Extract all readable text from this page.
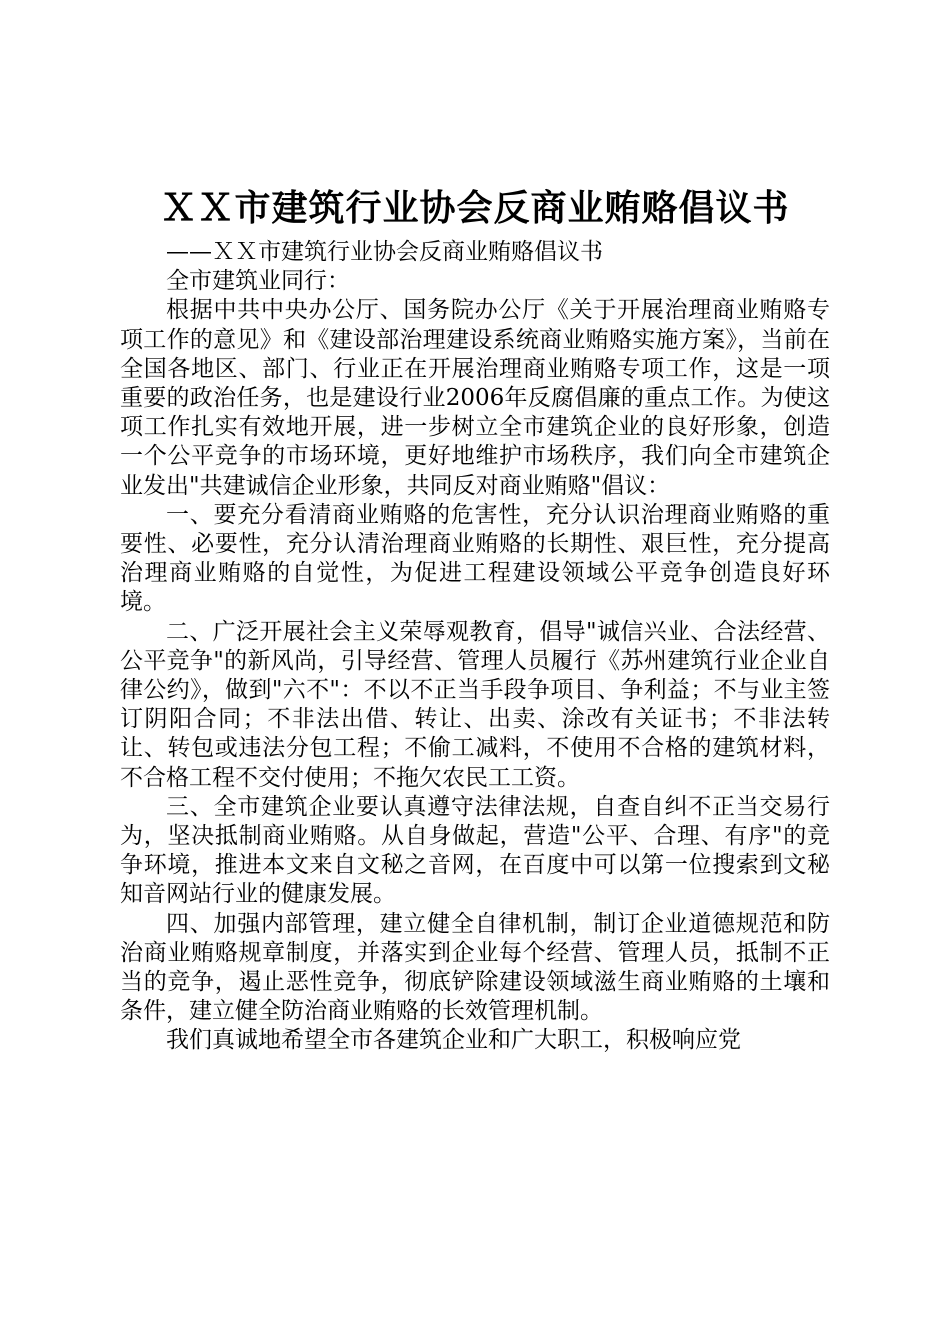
ＸＸ市建筑行业协会反商业贿赂倡议书

——ＸＸ市建筑行业协会反商业贿赂倡议书

全市建筑业同行：

根据中共中央办公厅、国务院办公厅《关于开展治理商业贿赂专项工作的意见》和《建设部治理建设系统商业贿赂实施方案》，当前在全国各地区、部门、行业正在开展治理商业贿赂专项工作，这是一项重要的政治任务，也是建设行业2006年反腐倡廉的重点工作。为使这项工作扎实有效地开展，进一步树立全市建筑企业的良好形象，创造一个公平竞争的市场环境，更好地维护市场秩序，我们向全市建筑企业发出"共建诚信企业形象，共同反对商业贿赂"倡议：

一、要充分看清商业贿赂的危害性，充分认识治理商业贿赂的重要性、必要性，充分认清治理商业贿赂的长期性、艰巨性，充分提高治理商业贿赂的自觉性，为促进工程建设领域公平竞争创造良好环境。

二、广泛开展社会主义荣辱观教育，倡导"诚信兴业、合法经营、公平竞争"的新风尚，引导经营、管理人员履行《苏州建筑行业企业自律公约》，做到"六不"：不以不正当手段争项目、争利益；不与业主签订阴阳合同；不非法出借、转让、出卖、涂改有关证书；不非法转让、转包或违法分包工程；不偷工减料，不使用不合格的建筑材料，不合格工程不交付使用；不拖欠农民工工资。

三、全市建筑企业要认真遵守法律法规，自查自纠不正当交易行为，坚决抵制商业贿赂。从自身做起，营造"公平、合理、有序"的竞争环境，推进本文来自文秘之音网，在百度中可以第一位搜索到文秘知音网站行业的健康发展。

四、加强内部管理，建立健全自律机制，制订企业道德规范和防治商业贿赂规章制度，并落实到企业每个经营、管理人员，抵制不正当的竞争，遏止恶性竞争，彻底铲除建设领域滋生商业贿赂的土壤和条件，建立健全防治商业贿赂的长效管理机制。

我们真诚地希望全市各建筑企业和广大职工，积极响应党
